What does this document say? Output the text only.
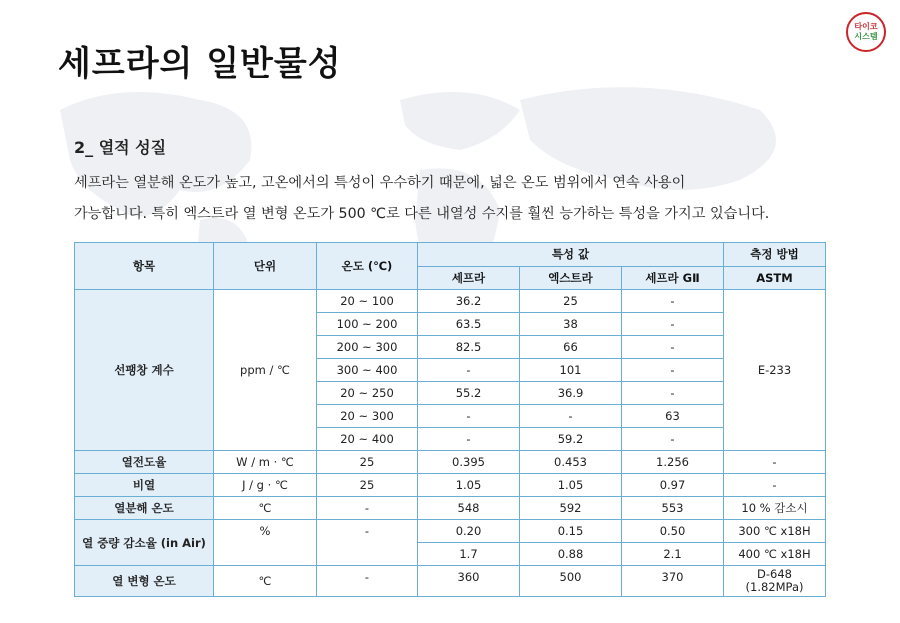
타이코
시스템
세프라의 일반물성
2_ 열적 성질

세프라는 열분해 온도가 높고, 고온에서의 특성이 우수하기 때문에, 넓은 온도 범위에서 연속 사용이

가능합니다. 특히 엑스트라 열 변형 온도가 500 ℃로 다른 내열성 수지를 훨씬 능가하는 특성을 가지고 있습니다.

항목	단위	온도 (℃)	특성 값			측정 방법
			세프라	엑스트라	세프라 GⅡ	ASTM
선팽창 계수	ppm / ℃	20 ~ 100	36.2	25	-	E-233
		100 ~ 200	63.5	38	-	
		200 ~ 300	82.5	66	-	
		300 ~ 400	-	101	-	
		20 ~ 250	55.2	36.9	-	
		20 ~ 300	-	-	63	
		20 ~ 400	-	59.2	-	
열전도율	W / m · ℃	25	0.395	0.453	1.256	-
비열	J / g · ℃	25	1.05	1.05	0.97	-
열분해 온도	℃	-	548	592	553	10 % 감소시
열 중량 감소율 (in Air)	%	-	0.20	0.15	0.50	300 ℃ x18H
			1.7	0.88	2.1	400 ℃ x18H
열 변형 온도	℃	-	360	500	370	D-648
(1.82MPa)
